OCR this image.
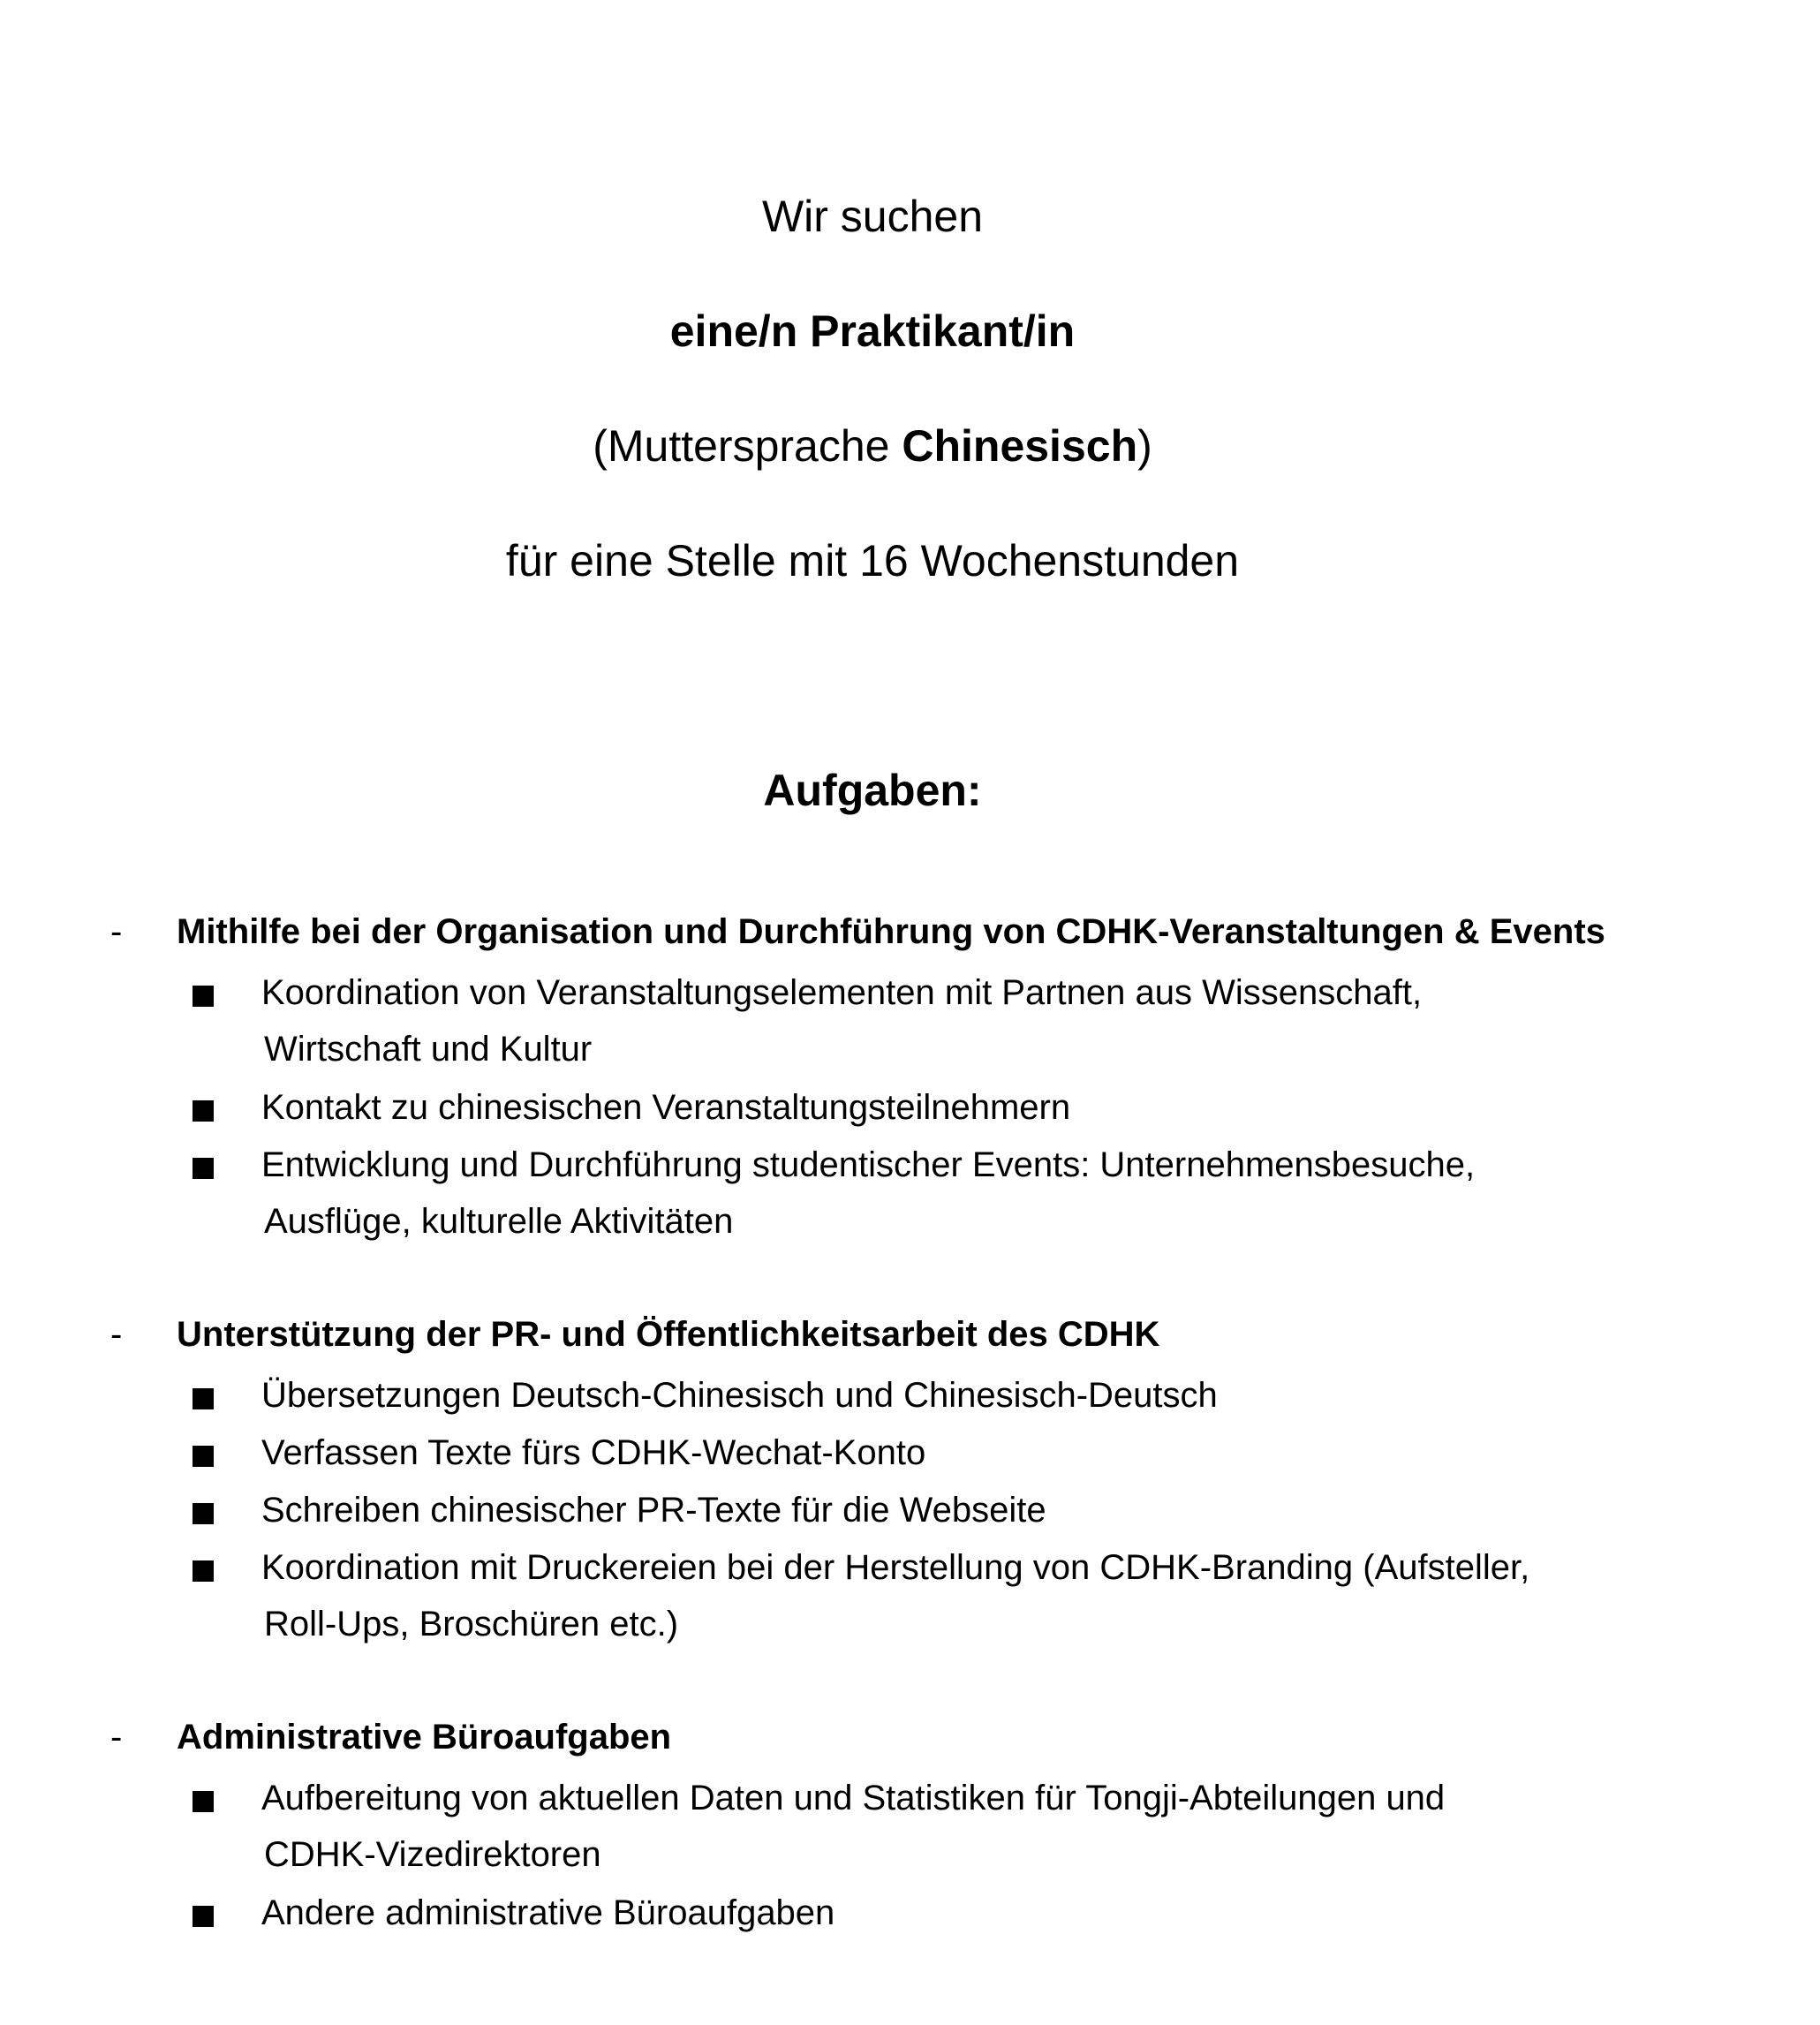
Wir suchen
eine/n Praktikant/in
(Muttersprache Chinesisch)
für eine Stelle mit 16 Wochenstunden
Aufgaben:
- Mithilfe bei der Organisation und Durchführung von CDHK-Veranstaltungen & Events
Koordination von Veranstaltungselementen mit Partnen aus Wissenschaft,
Wirtschaft und Kultur
Kontakt zu chinesischen Veranstaltungsteilnehmern
Entwicklung und Durchführung studentischer Events: Unternehmensbesuche,
Ausflüge, kulturelle Aktivitäten
- Unterstützung der PR- und Öffentlichkeitsarbeit des CDHK
Übersetzungen Deutsch-Chinesisch und Chinesisch-Deutsch
Verfassen Texte fürs CDHK-Wechat-Konto
Schreiben chinesischer PR-Texte für die Webseite
Koordination mit Druckereien bei der Herstellung von CDHK-Branding (Aufsteller,
Roll-Ups, Broschüren etc.)
- Administrative Büroaufgaben
Aufbereitung von aktuellen Daten und Statistiken für Tongji-Abteilungen und
CDHK-Vizedirektoren
Andere administrative Büroaufgaben
